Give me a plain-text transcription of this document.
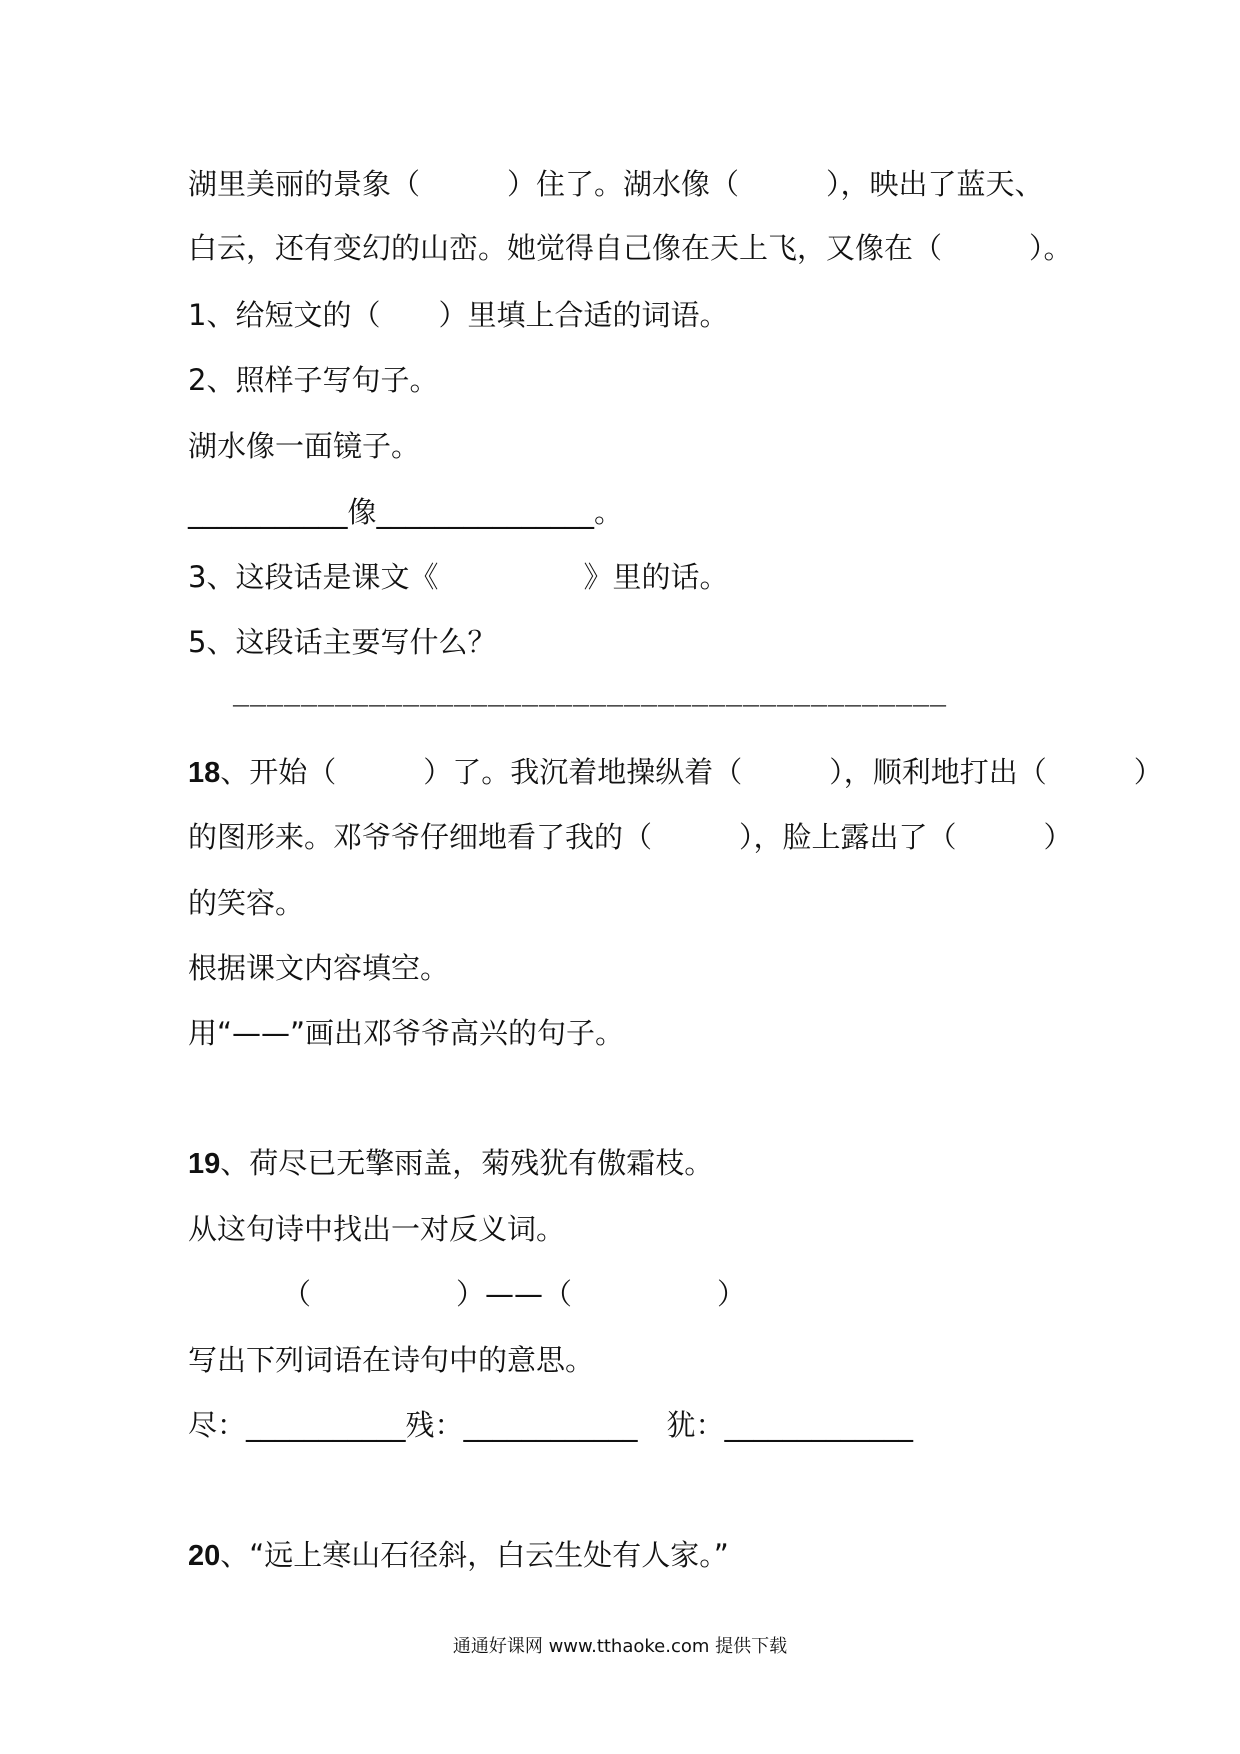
湖里美丽的景象（　　　）住了。湖水像（　　　），映出了蓝天、
白云，还有变幻的山峦。她觉得自己像在天上飞，又像在（　　　）。
1、给短文的（　　）里填上合适的词语。
2、照样子写句子。
湖水像一面镜子。
___________像_______________。
3、这段话是课文《　　　　　》里的话。
5、这段话主要写什么？
——————————————————————————————————————————
18、开始（　　　）了。我沉着地操纵着（　　　），顺利地打出（　　　）
的图形来。邓爷爷仔细地看了我的（　　　），脸上露出了（　　　）
的笑容。
根据课文内容填空。
用“——”画出邓爷爷高兴的句子。
19、荷尽已无擎雨盖，菊残犹有傲霜枝。
从这句诗中找出一对反义词。
（　　　　　）——（　　　　　）
写出下列词语在诗句中的意思。
尽：___________残：____________　犹：_____________
20、“远上寒山石径斜，白云生处有人家。”
通通好课网 www.tthaoke.com 提供下载
